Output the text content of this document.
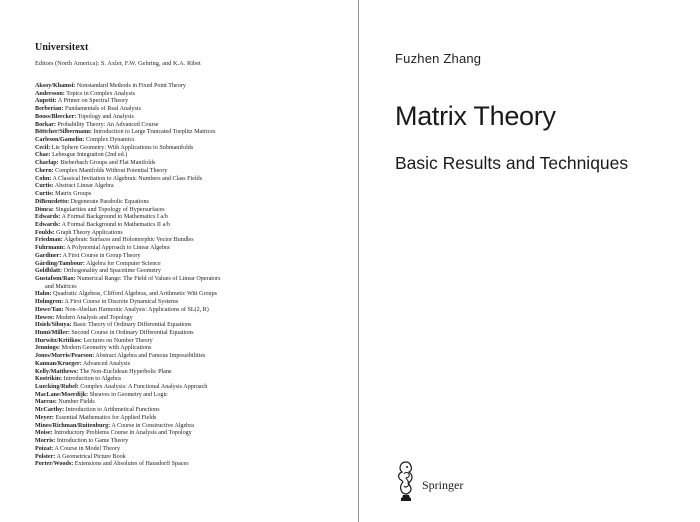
Universitext
Editors (North America): S. Axler, F.W. Gehring, and K.A. Ribet
Aksoy/Khamsi: Nonstandard Methods in Fixed Point Theory
Andersson: Topics in Complex Analysis
Aupetit: A Primer on Spectral Theory
Berberian: Fundamentals of Real Analysis
Booss/Bleecker: Topology and Analysis
Borkar: Probability Theory: An Advanced Course
Böttcher/Silbermann: Introduction to Large Truncated Toeplitz Matrices
Carleson/Gamelin: Complex Dynamics
Cecil: Lie Sphere Geometry: With Applications to Submanifolds
Chae: Lebesgue Integration (2nd ed.)
Charlap: Bieberbach Groups and Flat Manifolds
Chern: Complex Manifolds Without Potential Theory
Cohn: A Classical Invitation to Algebraic Numbers and Class Fields
Curtis: Abstract Linear Algebra
Curtis: Matrix Groups
DiBenedetto: Degenerate Parabolic Equations
Dimca: Singularities and Topology of Hypersurfaces
Edwards: A Formal Background to Mathematics I a/b
Edwards: A Formal Background to Mathematics II a/b
Foulds: Graph Theory Applications
Friedman: Algebraic Surfaces and Holomorphic Vector Bundles
Fuhrmann: A Polynomial Approach to Linear Algebra
Gardiner: A First Course in Group Theory
Gårding/Tambour: Algebra for Computer Science
Goldblatt: Orthogonality and Spacetime Geometry
Gustafson/Rao: Numerical Range: The Field of Values of Linear Operators
and Matrices
Hahn: Quadratic Algebras, Clifford Algebras, and Arithmetic Witt Groups
Holmgren: A First Course in Discrete Dynamical Systems
Howe/Tan: Non-Abelian Harmonic Analysis: Applications of SL(2, R)
Howes: Modern Analysis and Topology
Hsieh/Sibuya: Basic Theory of Ordinary Differential Equations
Humi/Miller: Second Course in Ordinary Differential Equations
Hurwitz/Kritikos: Lectures on Number Theory
Jennings: Modern Geometry with Applications
Jones/Morris/Pearson: Abstract Algebra and Famous Impossibilities
Kannan/Krueger: Advanced Analysis
Kelly/Matthews: The Non-Euclidean Hyperbolic Plane
Kostrikin: Introduction to Algebra
Luecking/Rubel: Complex Analysis: A Functional Analysis Approach
MacLane/Moerdijk: Sheaves in Geometry and Logic
Marcus: Number Fields
McCarthy: Introduction to Arithmetical Functions
Meyer: Essential Mathematics for Applied Fields
Mines/Richman/Ruitenburg: A Course in Constructive Algebra
Moise: Introductory Problems Course in Analysis and Topology
Morris: Introduction to Game Theory
Poizat: A Course in Model Theory
Polster: A Geometrical Picture Book
Porter/Woods: Extensions and Absolutes of Hausdorff Spaces
Fuzhen Zhang
Matrix Theory
Basic Results and Techniques
Springer
